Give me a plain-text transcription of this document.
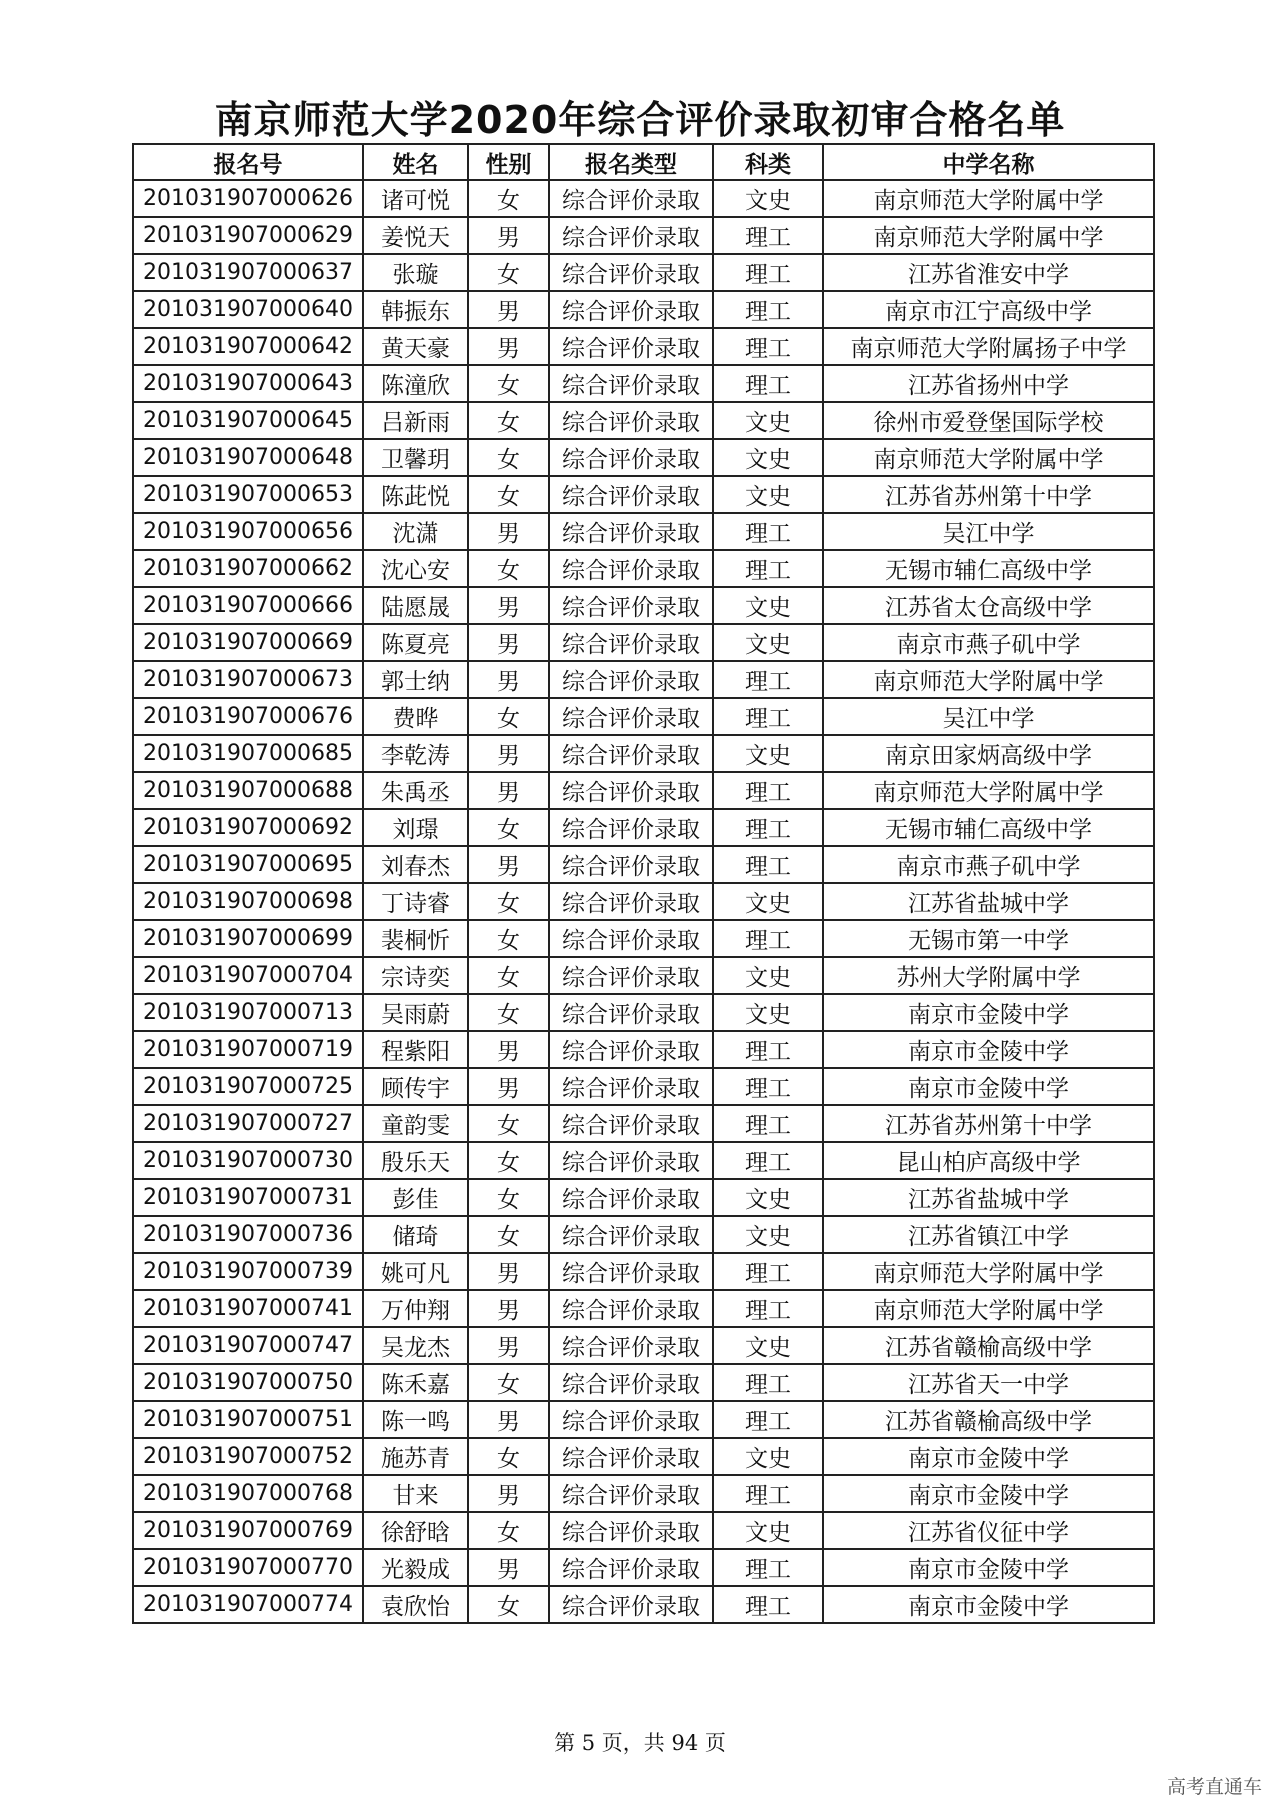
南京师范大学2020年综合评价录取初审合格名单
报名号	姓名	性别	报名类型	科类	中学名称
201031907000626	诸可悦	女	综合评价录取	文史	南京师范大学附属中学
201031907000629	姜悦天	男	综合评价录取	理工	南京师范大学附属中学
201031907000637	张璇	女	综合评价录取	理工	江苏省淮安中学
201031907000640	韩振东	男	综合评价录取	理工	南京市江宁高级中学
201031907000642	黄天豪	男	综合评价录取	理工	南京师范大学附属扬子中学
201031907000643	陈潼欣	女	综合评价录取	理工	江苏省扬州中学
201031907000645	吕新雨	女	综合评价录取	文史	徐州市爱登堡国际学校
201031907000648	卫馨玥	女	综合评价录取	文史	南京师范大学附属中学
201031907000653	陈茈悦	女	综合评价录取	文史	江苏省苏州第十中学
201031907000656	沈潇	男	综合评价录取	理工	吴江中学
201031907000662	沈心安	女	综合评价录取	理工	无锡市辅仁高级中学
201031907000666	陆愿晟	男	综合评价录取	文史	江苏省太仓高级中学
201031907000669	陈夏亮	男	综合评价录取	文史	南京市燕子矶中学
201031907000673	郭士纳	男	综合评价录取	理工	南京师范大学附属中学
201031907000676	费晔	女	综合评价录取	理工	吴江中学
201031907000685	李乾涛	男	综合评价录取	文史	南京田家炳高级中学
201031907000688	朱禹丞	男	综合评价录取	理工	南京师范大学附属中学
201031907000692	刘璟	女	综合评价录取	理工	无锡市辅仁高级中学
201031907000695	刘春杰	男	综合评价录取	理工	南京市燕子矶中学
201031907000698	丁诗睿	女	综合评价录取	文史	江苏省盐城中学
201031907000699	裴桐忻	女	综合评价录取	理工	无锡市第一中学
201031907000704	宗诗奕	女	综合评价录取	文史	苏州大学附属中学
201031907000713	吴雨蔚	女	综合评价录取	文史	南京市金陵中学
201031907000719	程紫阳	男	综合评价录取	理工	南京市金陵中学
201031907000725	顾传宇	男	综合评价录取	理工	南京市金陵中学
201031907000727	童韵雯	女	综合评价录取	理工	江苏省苏州第十中学
201031907000730	殷乐天	女	综合评价录取	理工	昆山柏庐高级中学
201031907000731	彭佳	女	综合评价录取	文史	江苏省盐城中学
201031907000736	储琦	女	综合评价录取	文史	江苏省镇江中学
201031907000739	姚可凡	男	综合评价录取	理工	南京师范大学附属中学
201031907000741	万仲翔	男	综合评价录取	理工	南京师范大学附属中学
201031907000747	吴龙杰	男	综合评价录取	文史	江苏省赣榆高级中学
201031907000750	陈禾嘉	女	综合评价录取	理工	江苏省天一中学
201031907000751	陈一鸣	男	综合评价录取	理工	江苏省赣榆高级中学
201031907000752	施苏青	女	综合评价录取	文史	南京市金陵中学
201031907000768	甘来	男	综合评价录取	理工	南京市金陵中学
201031907000769	徐舒晗	女	综合评价录取	文史	江苏省仪征中学
201031907000770	光毅成	男	综合评价录取	理工	南京市金陵中学
201031907000774	袁欣怡	女	综合评价录取	理工	南京市金陵中学
第 5 页，共 94 页
高考直通车
